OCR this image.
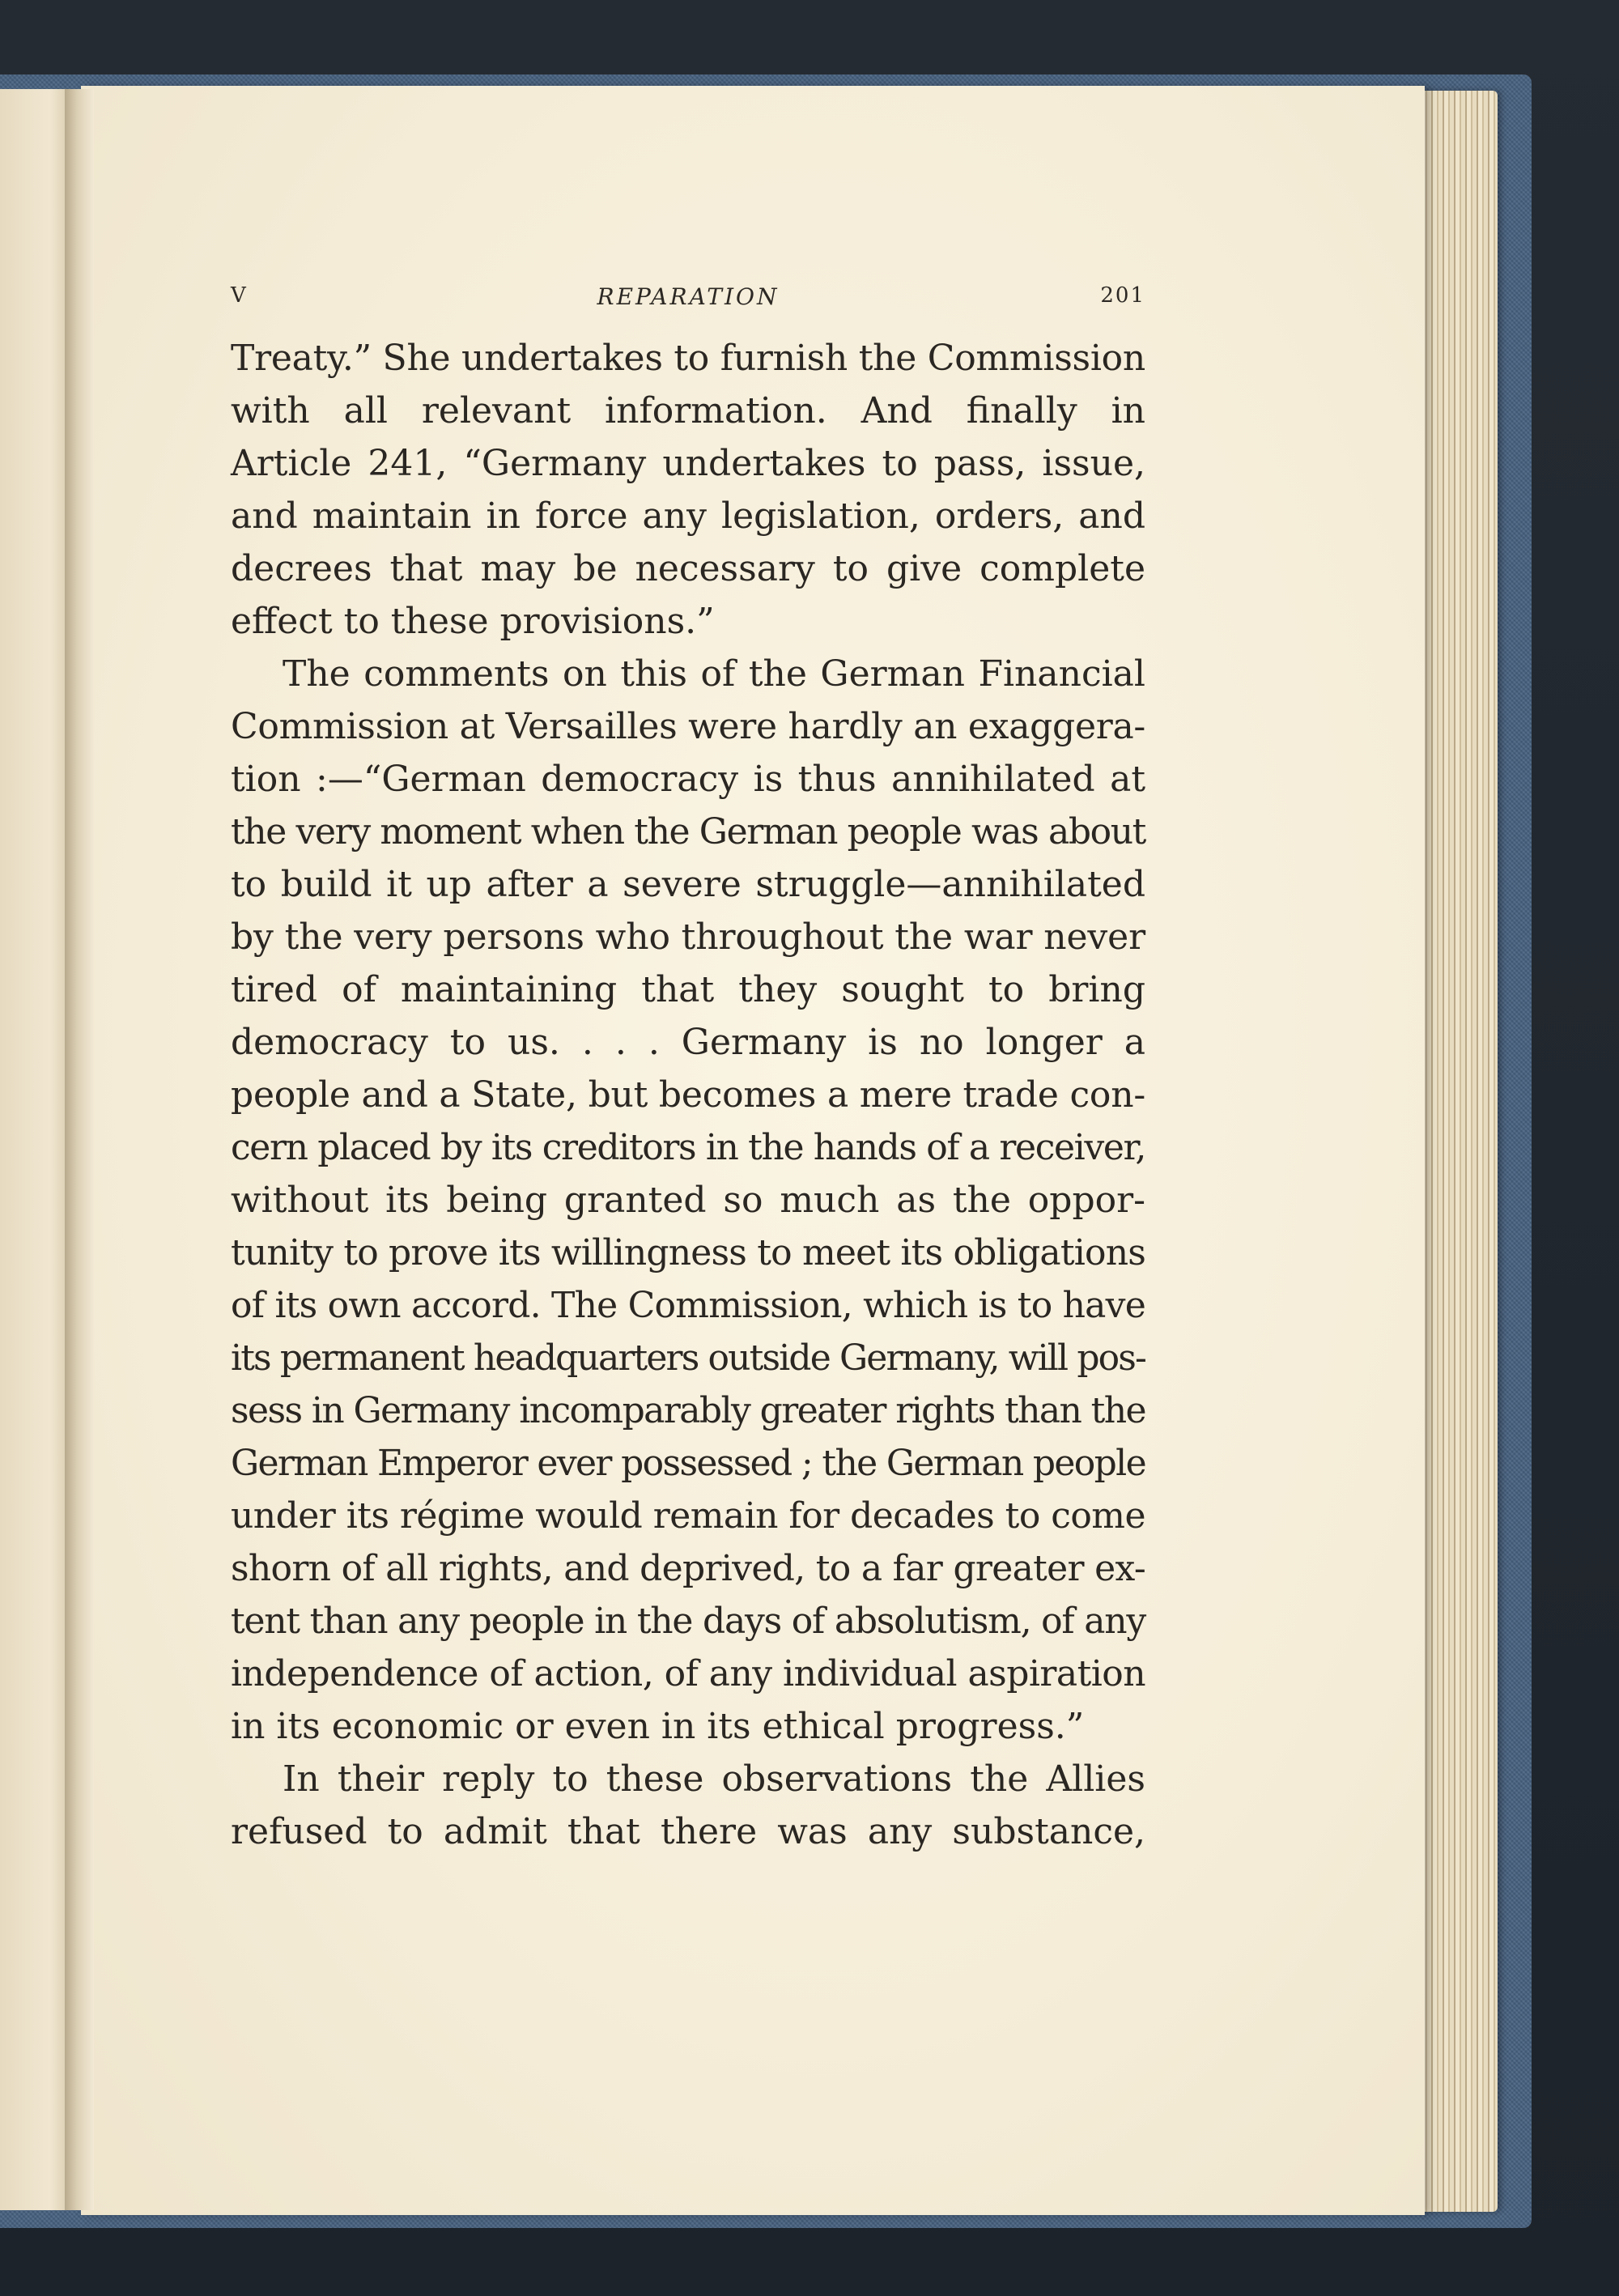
V	REPARATION	201
Treaty.” She undertakes to furnish the Commission
with all relevant information. And finally in
Article 241, “Germany undertakes to pass, issue,
and maintain in force any legislation, orders, and
decrees that may be necessary to give complete
effect to these provisions.”
The comments on this of the German Financial
Commission at Versailles were hardly an exaggera-
tion :—“German democracy is thus annihilated at
the very moment when the German people was about
to build it up after a severe struggle—annihilated
by the very persons who throughout the war never
tired of maintaining that they sought to bring
democracy to us. . . . Germany is no longer a
people and a State, but becomes a mere trade con-
cern placed by its creditors in the hands of a receiver,
without its being granted so much as the oppor-
tunity to prove its willingness to meet its obligations
of its own accord. The Commission, which is to have
its permanent headquarters outside Germany, will pos-
sess in Germany incomparably greater rights than the
German Emperor ever possessed ; the German people
under its régime would remain for decades to come
shorn of all rights, and deprived, to a far greater ex-
tent than any people in the days of absolutism, of any
independence of action, of any individual aspiration
in its economic or even in its ethical progress.”
In their reply to these observations the Allies
refused to admit that there was any substance,
